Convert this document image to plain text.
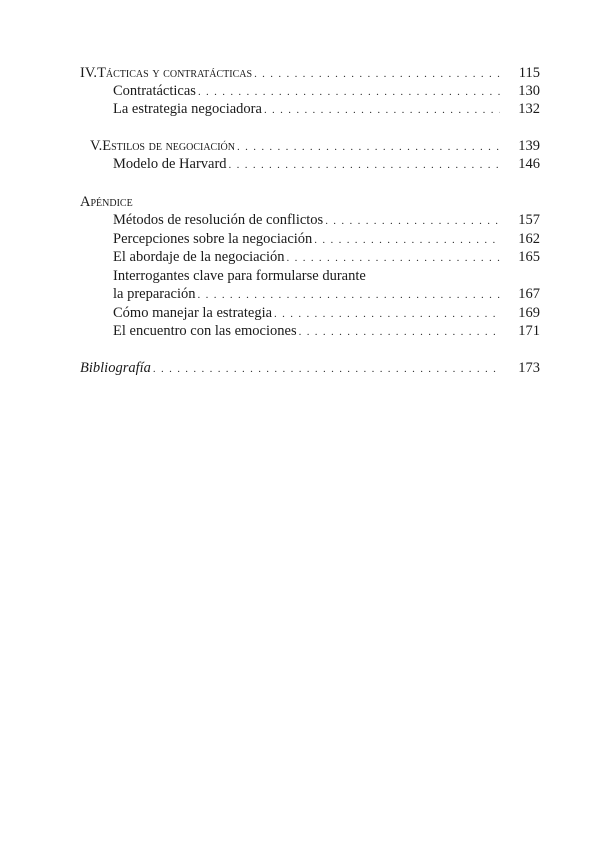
IV. Tácticas y contratácticas . . .	115
Contratácticas . . .	130
La estrategia negociadora . . .	132
V. Estilos de negociación . . .	139
Modelo de Harvard . . .	146
Apéndice
Métodos de resolución de conflictos . . .	157
Percepciones sobre la negociación . . .	162
El abordaje de la negociación . . .	165
Interrogantes clave para formularse durante
la preparación . . .	167
Cómo manejar la estrategia . . .	169
El encuentro con las emociones . . .	171
Bibliografía . . .	173
